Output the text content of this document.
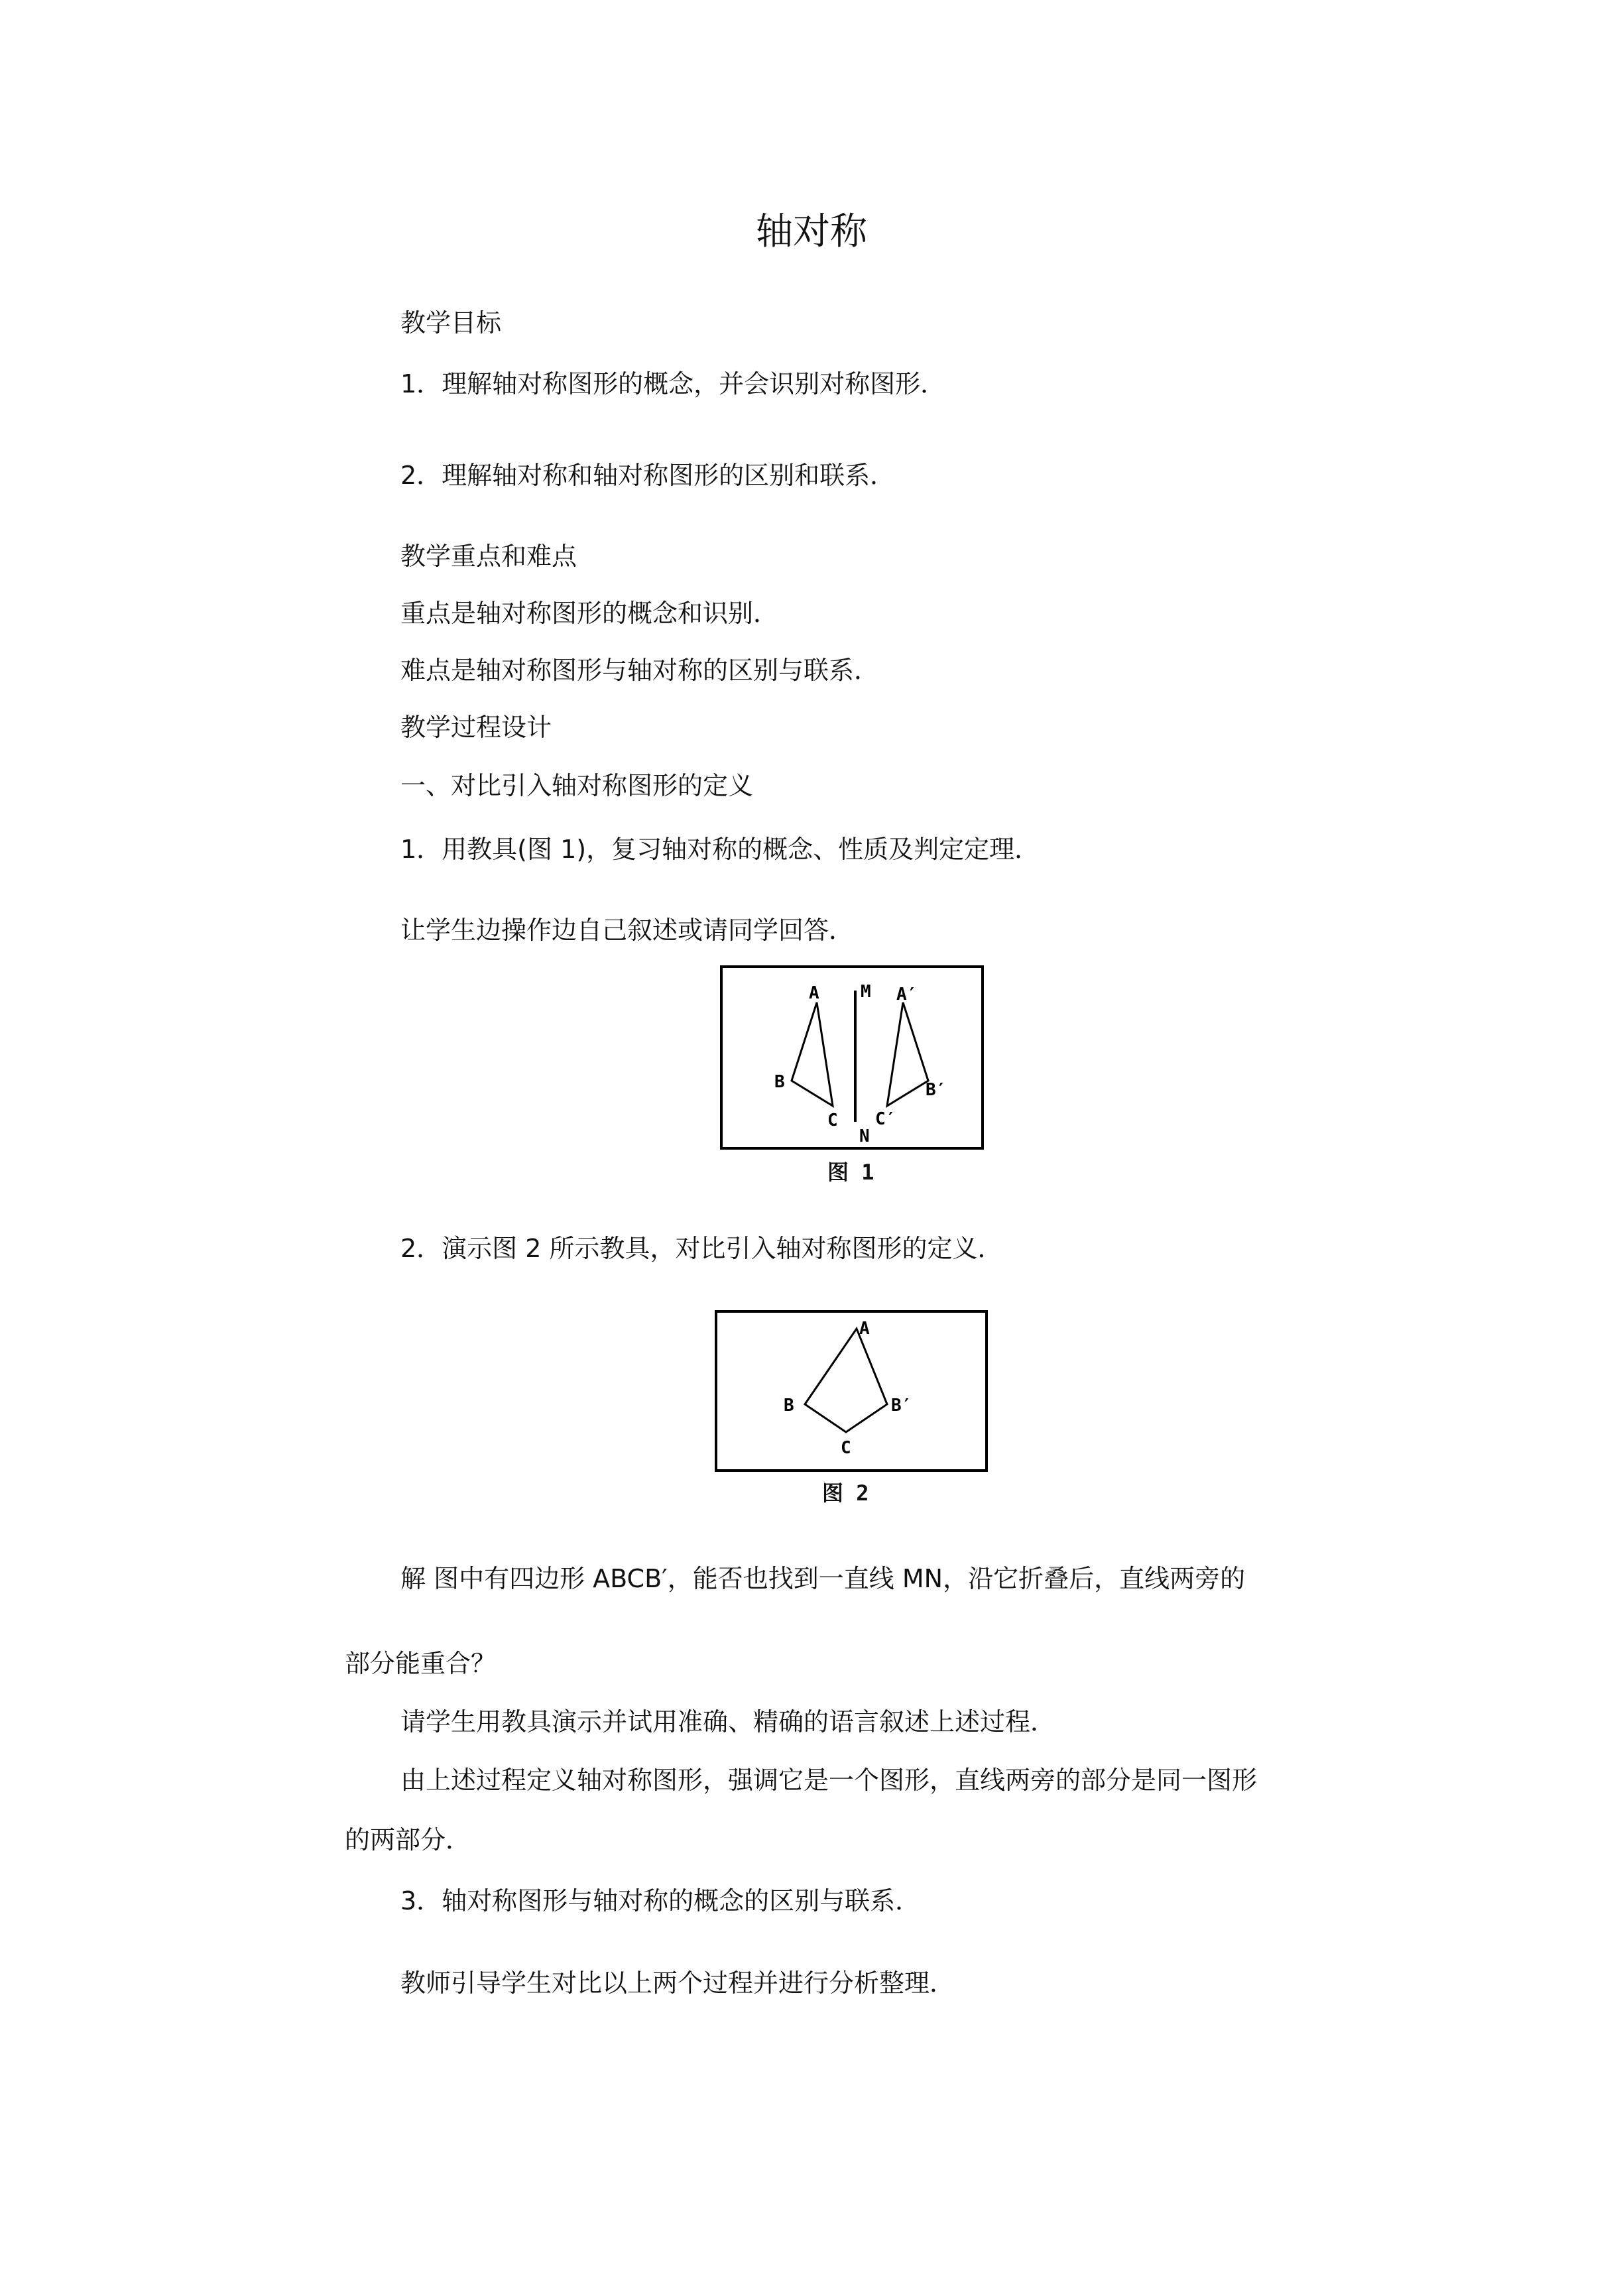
轴对称
教学目标
1．理解轴对称图形的概念，并会识别对称图形．
2．理解轴对称和轴对称图形的区别和联系．
教学重点和难点
重点是轴对称图形的概念和识别．
难点是轴对称图形与轴对称的区别与联系．
教学过程设计
一、对比引入轴对称图形的定义
1．用教具(图 1)，复习轴对称的概念、性质及判定定理．
让学生边操作边自己叙述或请同学回答．
A
B
C
M
N
A′
B′
C′
图 1
2．演示图 2 所示教具，对比引入轴对称图形的定义．
A
B
C
B′
图 2
解 图中有四边形 ABCB′，能否也找到一直线 MN，沿它折叠后，直线两旁的
部分能重合？
请学生用教具演示并试用准确、精确的语言叙述上述过程．
由上述过程定义轴对称图形，强调它是一个图形，直线两旁的部分是同一图形
的两部分．
3．轴对称图形与轴对称的概念的区别与联系．
教师引导学生对比以上两个过程并进行分析整理．
